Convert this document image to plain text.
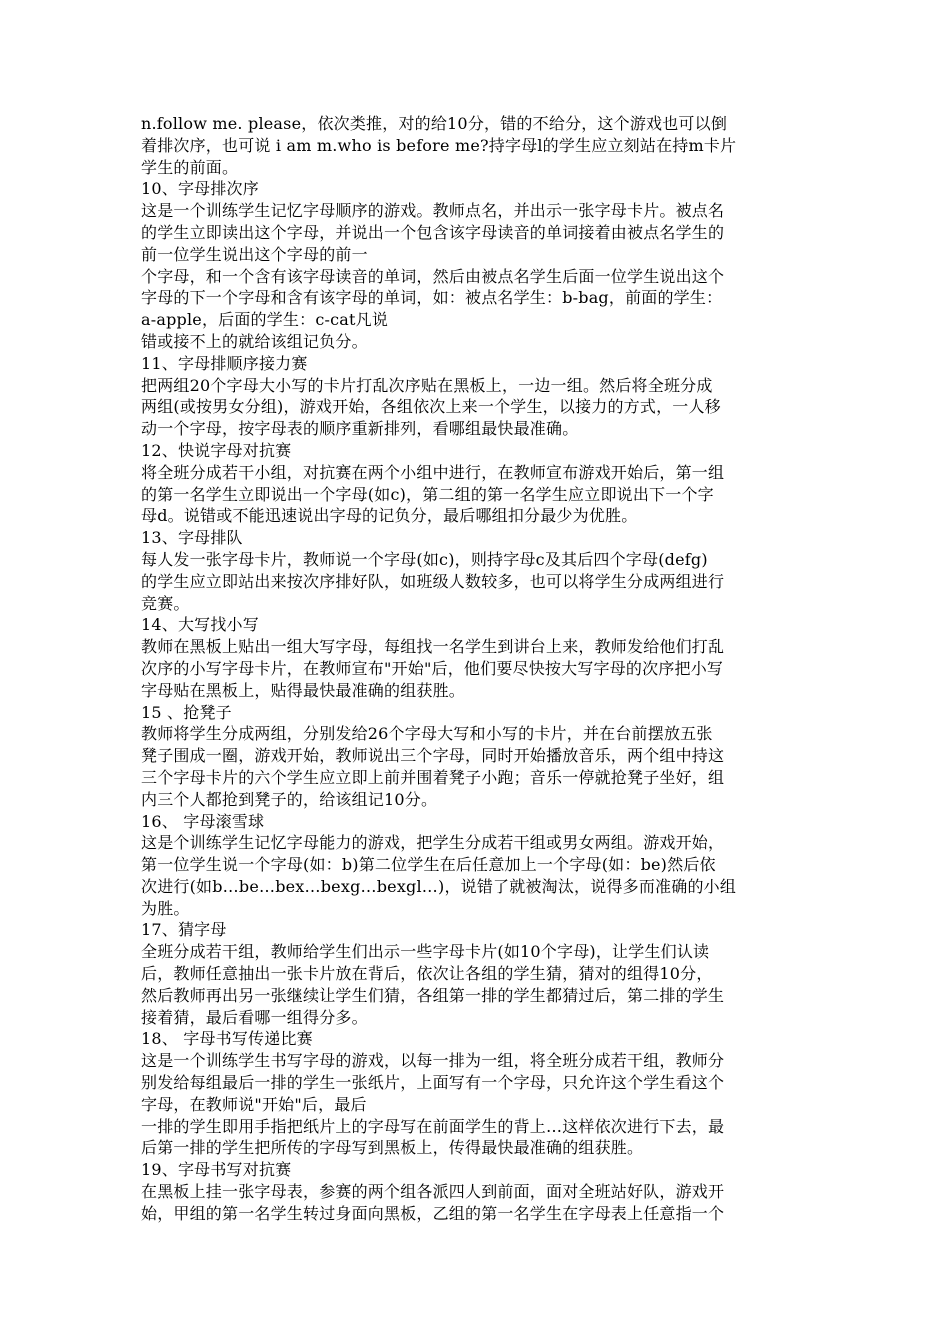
n.follow me. please，依次类推，对的给10分，错的不给分，这个游戏也可以倒
着排次序，也可说 i am m.who is before me?持字母l的学生应立刻站在持m卡片
学生的前面。
10、字母排次序
这是一个训练学生记忆字母顺序的游戏。教师点名，并出示一张字母卡片。被点名
的学生立即读出这个字母，并说出一个包含该字母读音的单词接着由被点名学生的
前一位学生说出这个字母的前一
个字母，和一个含有该字母读音的单词，然后由被点名学生后面一位学生说出这个
字母的下一个字母和含有该字母的单词，如：被点名学生：b-bag，前面的学生：
a-apple，后面的学生：c-cat凡说
错或接不上的就给该组记负分。
11、字母排顺序接力赛
把两组20个字母大小写的卡片打乱次序贴在黑板上，一边一组。然后将全班分成
两组(或按男女分组)，游戏开始，各组依次上来一个学生，以接力的方式，一人移
动一个字母，按字母表的顺序重新排列，看哪组最快最准确。
12、快说字母对抗赛
将全班分成若干小组，对抗赛在两个小组中进行，在教师宣布游戏开始后，第一组
的第一名学生立即说出一个字母(如c)，第二组的第一名学生应立即说出下一个字
母d。说错或不能迅速说出字母的记负分，最后哪组扣分最少为优胜。
13、字母排队
每人发一张字母卡片，教师说一个字母(如c)，则持字母c及其后四个字母(defg)
的学生应立即站出来按次序排好队，如班级人数较多，也可以将学生分成两组进行
竞赛。
14、大写找小写
教师在黑板上贴出一组大写字母，每组找一名学生到讲台上来，教师发给他们打乱
次序的小写字母卡片，在教师宣布"开始"后，他们要尽快按大写字母的次序把小写
字母贴在黑板上，贴得最快最准确的组获胜。
15 、抢凳子
教师将学生分成两组，分别发给26个字母大写和小写的卡片，并在台前摆放五张
凳子围成一圈，游戏开始，教师说出三个字母，同时开始播放音乐，两个组中持这
三个字母卡片的六个学生应立即上前并围着凳子小跑；音乐一停就抢凳子坐好，组
内三个人都抢到凳子的，给该组记10分。
16、 字母滚雪球
这是个训练学生记忆字母能力的游戏，把学生分成若干组或男女两组。游戏开始，
第一位学生说一个字母(如：b)第二位学生在后任意加上一个字母(如：be)然后依
次进行(如b…be…bex…bexg…bexgl…)，说错了就被淘汰，说得多而准确的小组
为胜。
17、猜字母
全班分成若干组，教师给学生们出示一些字母卡片(如10个字母)，让学生们认读
后，教师任意抽出一张卡片放在背后，依次让各组的学生猜，猜对的组得10分，
然后教师再出另一张继续让学生们猜，各组第一排的学生都猜过后，第二排的学生
接着猜，最后看哪一组得分多。
18、 字母书写传递比赛
这是一个训练学生书写字母的游戏，以每一排为一组，将全班分成若干组，教师分
别发给每组最后一排的学生一张纸片，上面写有一个字母，只允许这个学生看这个
字母，在教师说"开始"后，最后
一排的学生即用手指把纸片上的字母写在前面学生的背上…这样依次进行下去，最
后第一排的学生把所传的字母写到黑板上，传得最快最准确的组获胜。
19、字母书写对抗赛
在黑板上挂一张字母表，参赛的两个组各派四人到前面，面对全班站好队，游戏开
始，甲组的第一名学生转过身面向黑板，乙组的第一名学生在字母表上任意指一个
